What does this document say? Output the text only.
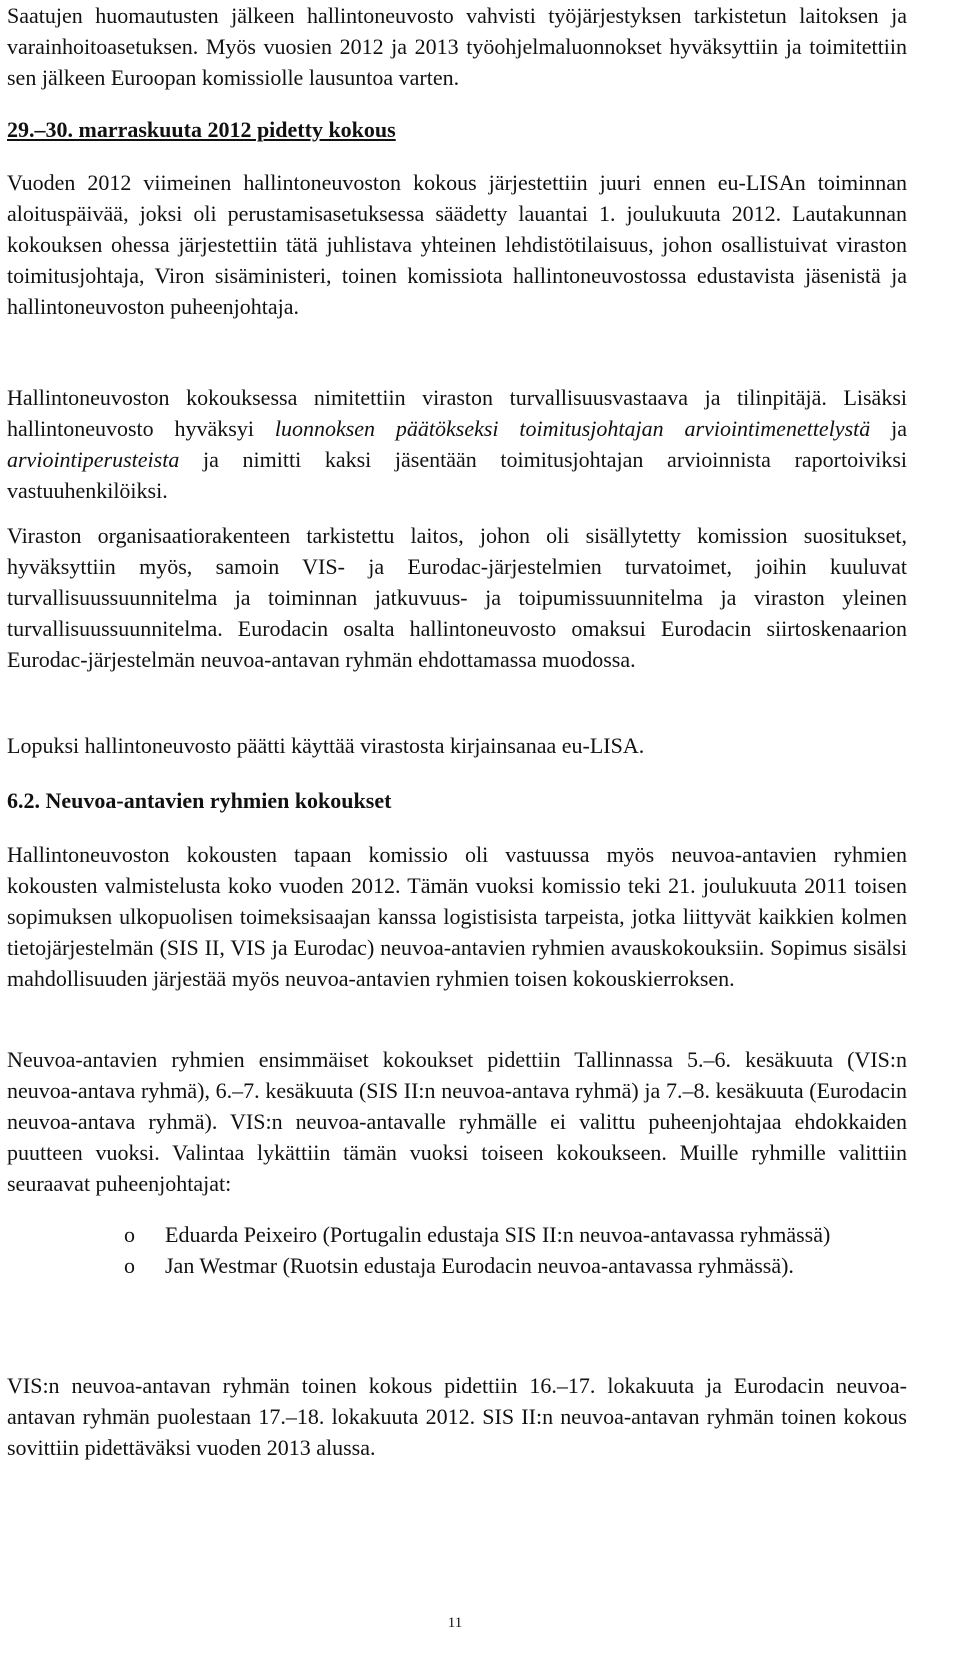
Saatujen huomautusten jälkeen hallintoneuvosto vahvisti työjärjestyksen tarkistetun laitoksen ja varainhoitoasetuksen. Myös vuosien 2012 ja 2013 työohjelmaluonnokset hyväksyttiin ja toimitettiin sen jälkeen Euroopan komissiolle lausuntoa varten.

29.–30. marraskuuta 2012 pidetty kokous

Vuoden 2012 viimeinen hallintoneuvoston kokous järjestettiin juuri ennen eu-LISAn toiminnan aloituspäivää, joksi oli perustamisasetuksessa säädetty lauantai 1. joulukuuta 2012. Lautakunnan kokouksen ohessa järjestettiin tätä juhlistava yhteinen lehdistötilaisuus, johon osallistuivat viraston toimitusjohtaja, Viron sisäministeri, toinen komissiota hallintoneuvostossa edustavista jäsenistä ja hallintoneuvoston puheenjohtaja.

Hallintoneuvoston kokouksessa nimitettiin viraston turvallisuusvastaava ja tilinpitäjä. Lisäksi hallintoneuvosto hyväksyi luonnoksen päätökseksi toimitusjohtajan arviointimenettelystä ja arviointiperusteista ja nimitti kaksi jäsentään toimitusjohtajan arvioinnista raportoiviksi vastuuhenkilöiksi.

Viraston organisaatiorakenteen tarkistettu laitos, johon oli sisällytetty komission suositukset, hyväksyttiin myös, samoin VIS- ja Eurodac-järjestelmien turvatoimet, joihin kuuluvat turvallisuussuunnitelma ja toiminnan jatkuvuus- ja toipumissuunnitelma ja viraston yleinen turvallisuussuunnitelma. Eurodacin osalta hallintoneuvosto omaksui Eurodacin siirtoskenaarion Eurodac-järjestelmän neuvoa-antavan ryhmän ehdottamassa muodossa.

Lopuksi hallintoneuvosto päätti käyttää virastosta kirjainsanaa eu-LISA.

6.2. Neuvoa-antavien ryhmien kokoukset

Hallintoneuvoston kokousten tapaan komissio oli vastuussa myös neuvoa-antavien ryhmien kokousten valmistelusta koko vuoden 2012. Tämän vuoksi komissio teki 21. joulukuuta 2011 toisen sopimuksen ulkopuolisen toimeksisaajan kanssa logistisista tarpeista, jotka liittyvät kaikkien kolmen tietojärjestelmän (SIS II, VIS ja Eurodac) neuvoa-antavien ryhmien avauskokouksiin. Sopimus sisälsi mahdollisuuden järjestää myös neuvoa-antavien ryhmien toisen kokouskierroksen.

Neuvoa-antavien ryhmien ensimmäiset kokoukset pidettiin Tallinnassa 5.–6. kesäkuuta (VIS:n neuvoa-antava ryhmä), 6.–7. kesäkuuta (SIS II:n neuvoa-antava ryhmä) ja 7.–8. kesäkuuta (Eurodacin neuvoa-antava ryhmä). VIS:n neuvoa-antavalle ryhmälle ei valittu puheenjohtajaa ehdokkaiden puutteen vuoksi. Valintaa lykättiin tämän vuoksi toiseen kokoukseen. Muille ryhmille valittiin seuraavat puheenjohtajat:

o Eduarda Peixeiro (Portugalin edustaja SIS II:n neuvoa-antavassa ryhmässä)

o Jan Westmar (Ruotsin edustaja Eurodacin neuvoa-antavassa ryhmässä).

VIS:n neuvoa-antavan ryhmän toinen kokous pidettiin 16.–17. lokakuuta ja Eurodacin neuvoa-antavan ryhmän puolestaan 17.–18. lokakuuta 2012. SIS II:n neuvoa-antavan ryhmän toinen kokous sovittiin pidettäväksi vuoden 2013 alussa.

11
